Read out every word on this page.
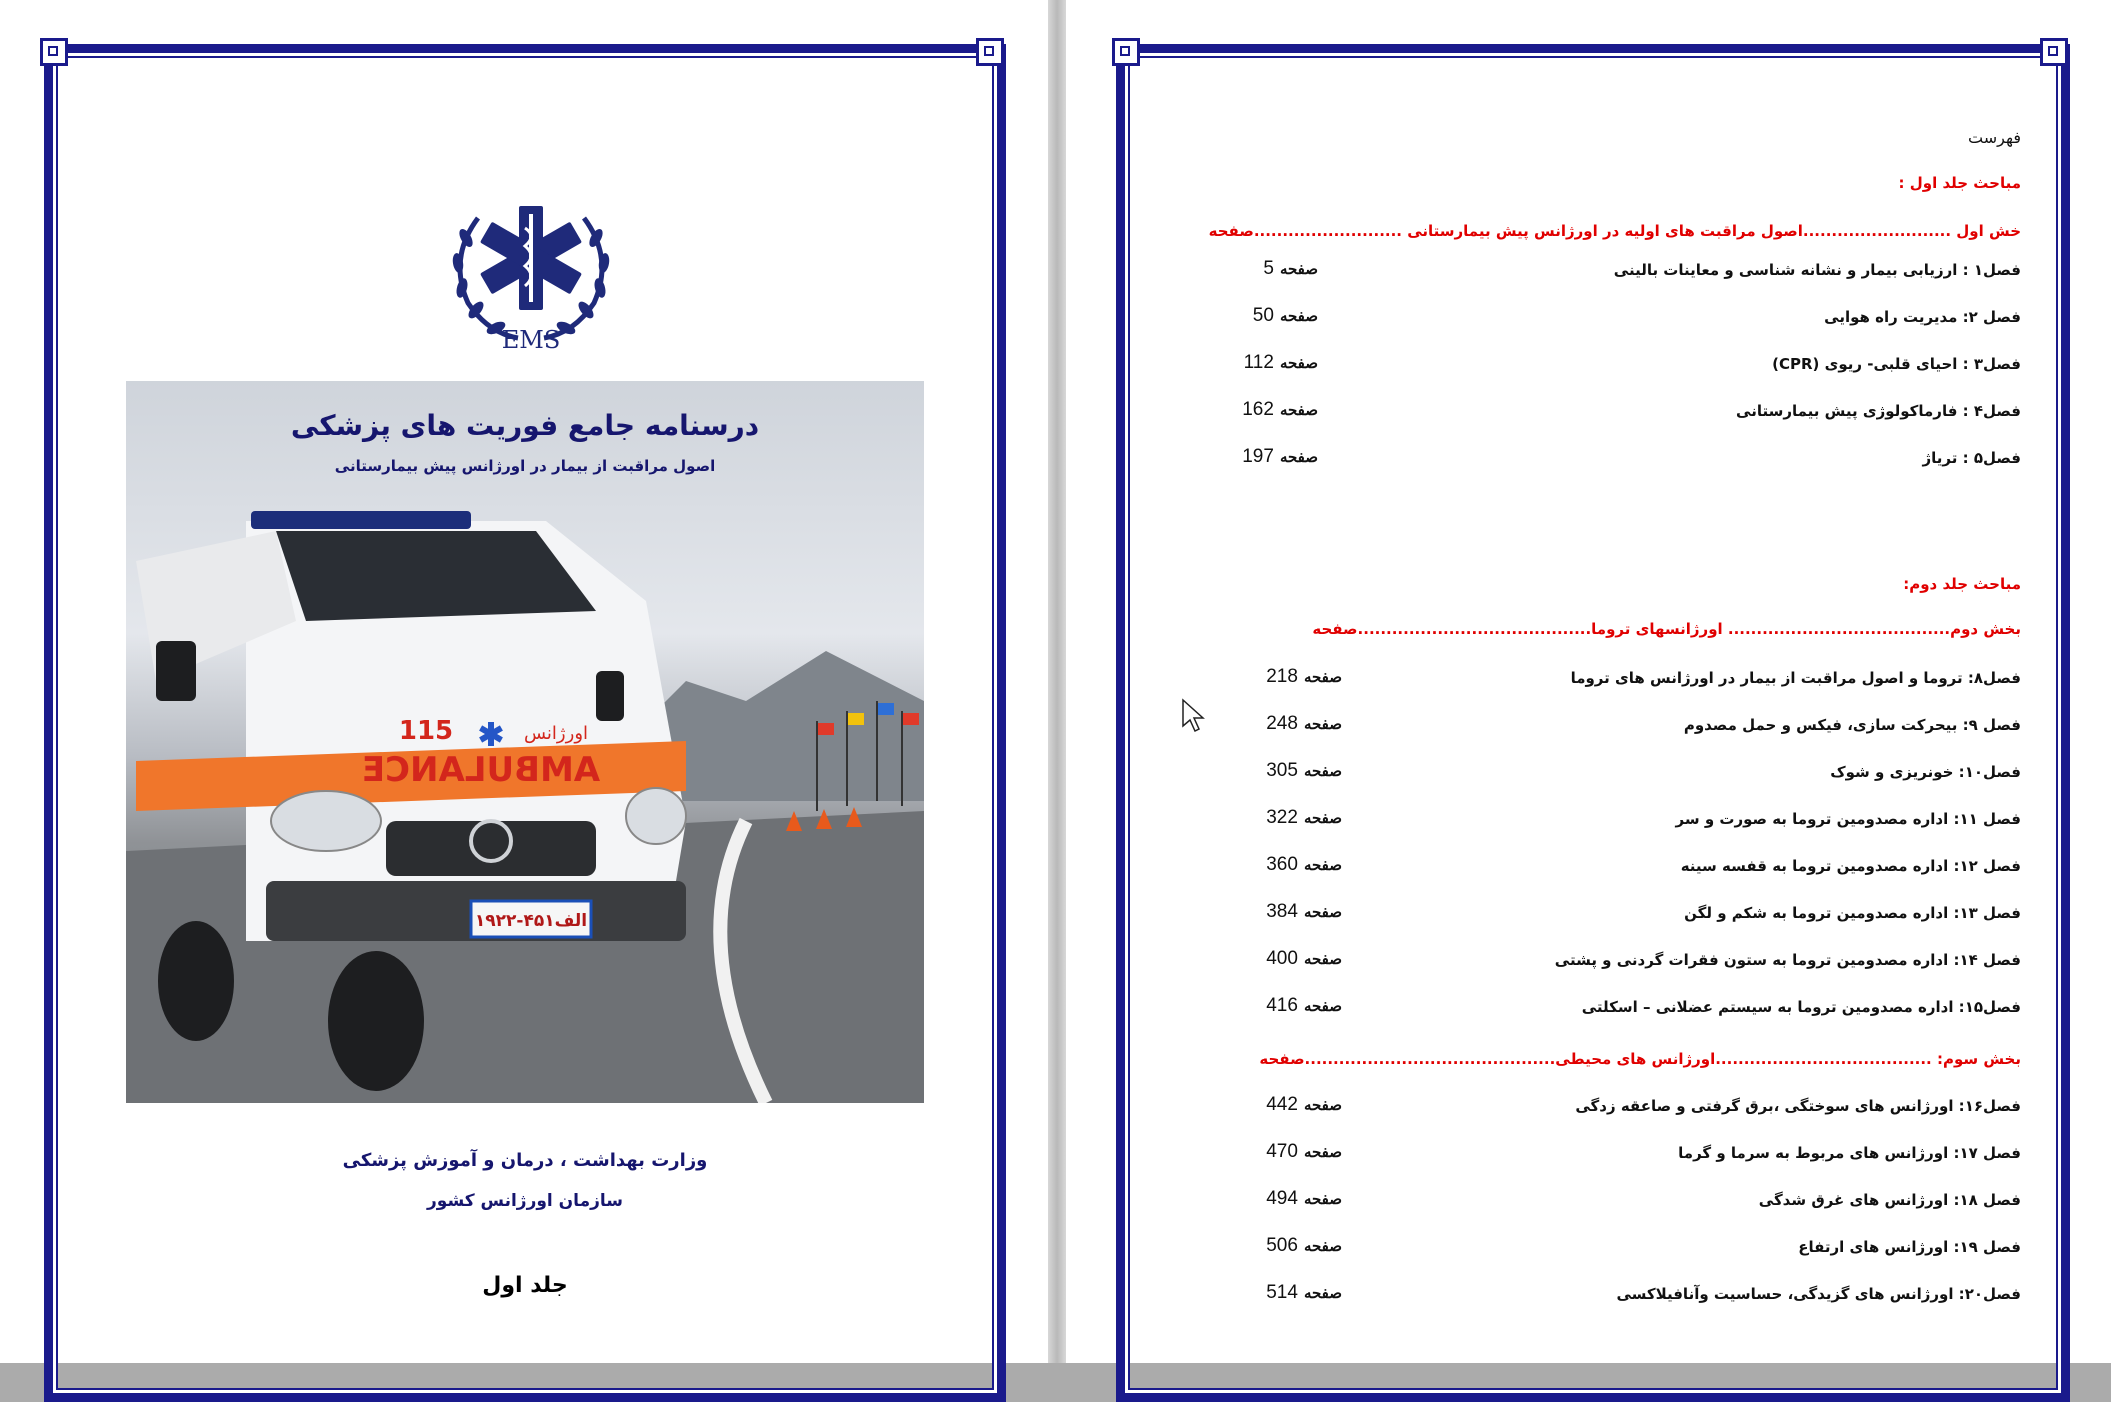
EMS
AMBULANCE
115	اورژانس
۱۹الف۴۵۱-۲۲
درسنامه جامع فوریت های پزشکی
اصول مراقبت از بیمار در اورژانس پیش بیمارستانی
وزارت بهداشت ، درمان و آموزش پزشکی
سازمان اورژانس کشور
جلد اول
فهرست
مباحث جلد اول :
خش اول ..........................اصول مراقبت های اولیه در اورژانس پیش بیمارستانی ..........................صفحه
فصل۱ : ارزیابی بیمار و نشانه شناسی و معاینات بالینی
صفحه5
فصل ۲: مدیریت راه هوایی
صفحه50
فصل۳ : احیای قلبی- ریوی (CPR)
صفحه112
فصل۴ : فارماکولوژی پیش بیمارستانی
صفحه162
فصل۵ : تریاژ
صفحه197
مباحث جلد دوم:
بخش دوم....................................... اورژانسهای تروما.........................................صفحه
فصل۸: تروما و اصول مراقبت از بیمار در اورژانس های تروما
صفحه218
فصل ۹: بیحرکت سازی، فیکس و حمل مصدوم
صفحه248
فصل۱۰: خونریزی و شوک
صفحه305
فصل ۱۱: اداره مصدومین تروما به صورت و سر
صفحه322
فصل ۱۲: اداره مصدومین تروما به قفسه سینه
صفحه360
فصل ۱۳: اداره مصدومین تروما به شکم و لگن
صفحه384
فصل ۱۴: اداره مصدومین تروما به ستون فقرات گردنی و پشتی
صفحه400
فصل۱۵: اداره مصدومین تروما به سیستم عضلانی – اسکلتی
صفحه416
بخش سوم: ......................................اورژانس های محیطی............................................صفحه
فصل۱۶: اورژانس های سوختگی ،برق گرفتی و صاعقه زدگی
صفحه442
فصل ۱۷: اورژانس های مربوط به سرما و گرما
صفحه470
فصل ۱۸: اورژانس های غرق شدگی
صفحه494
فصل ۱۹: اورژانس های ارتفاع
صفحه506
فصل۲۰: اورژانس های گزیدگی، حساسیت وآنافیلاکسی
صفحه514
